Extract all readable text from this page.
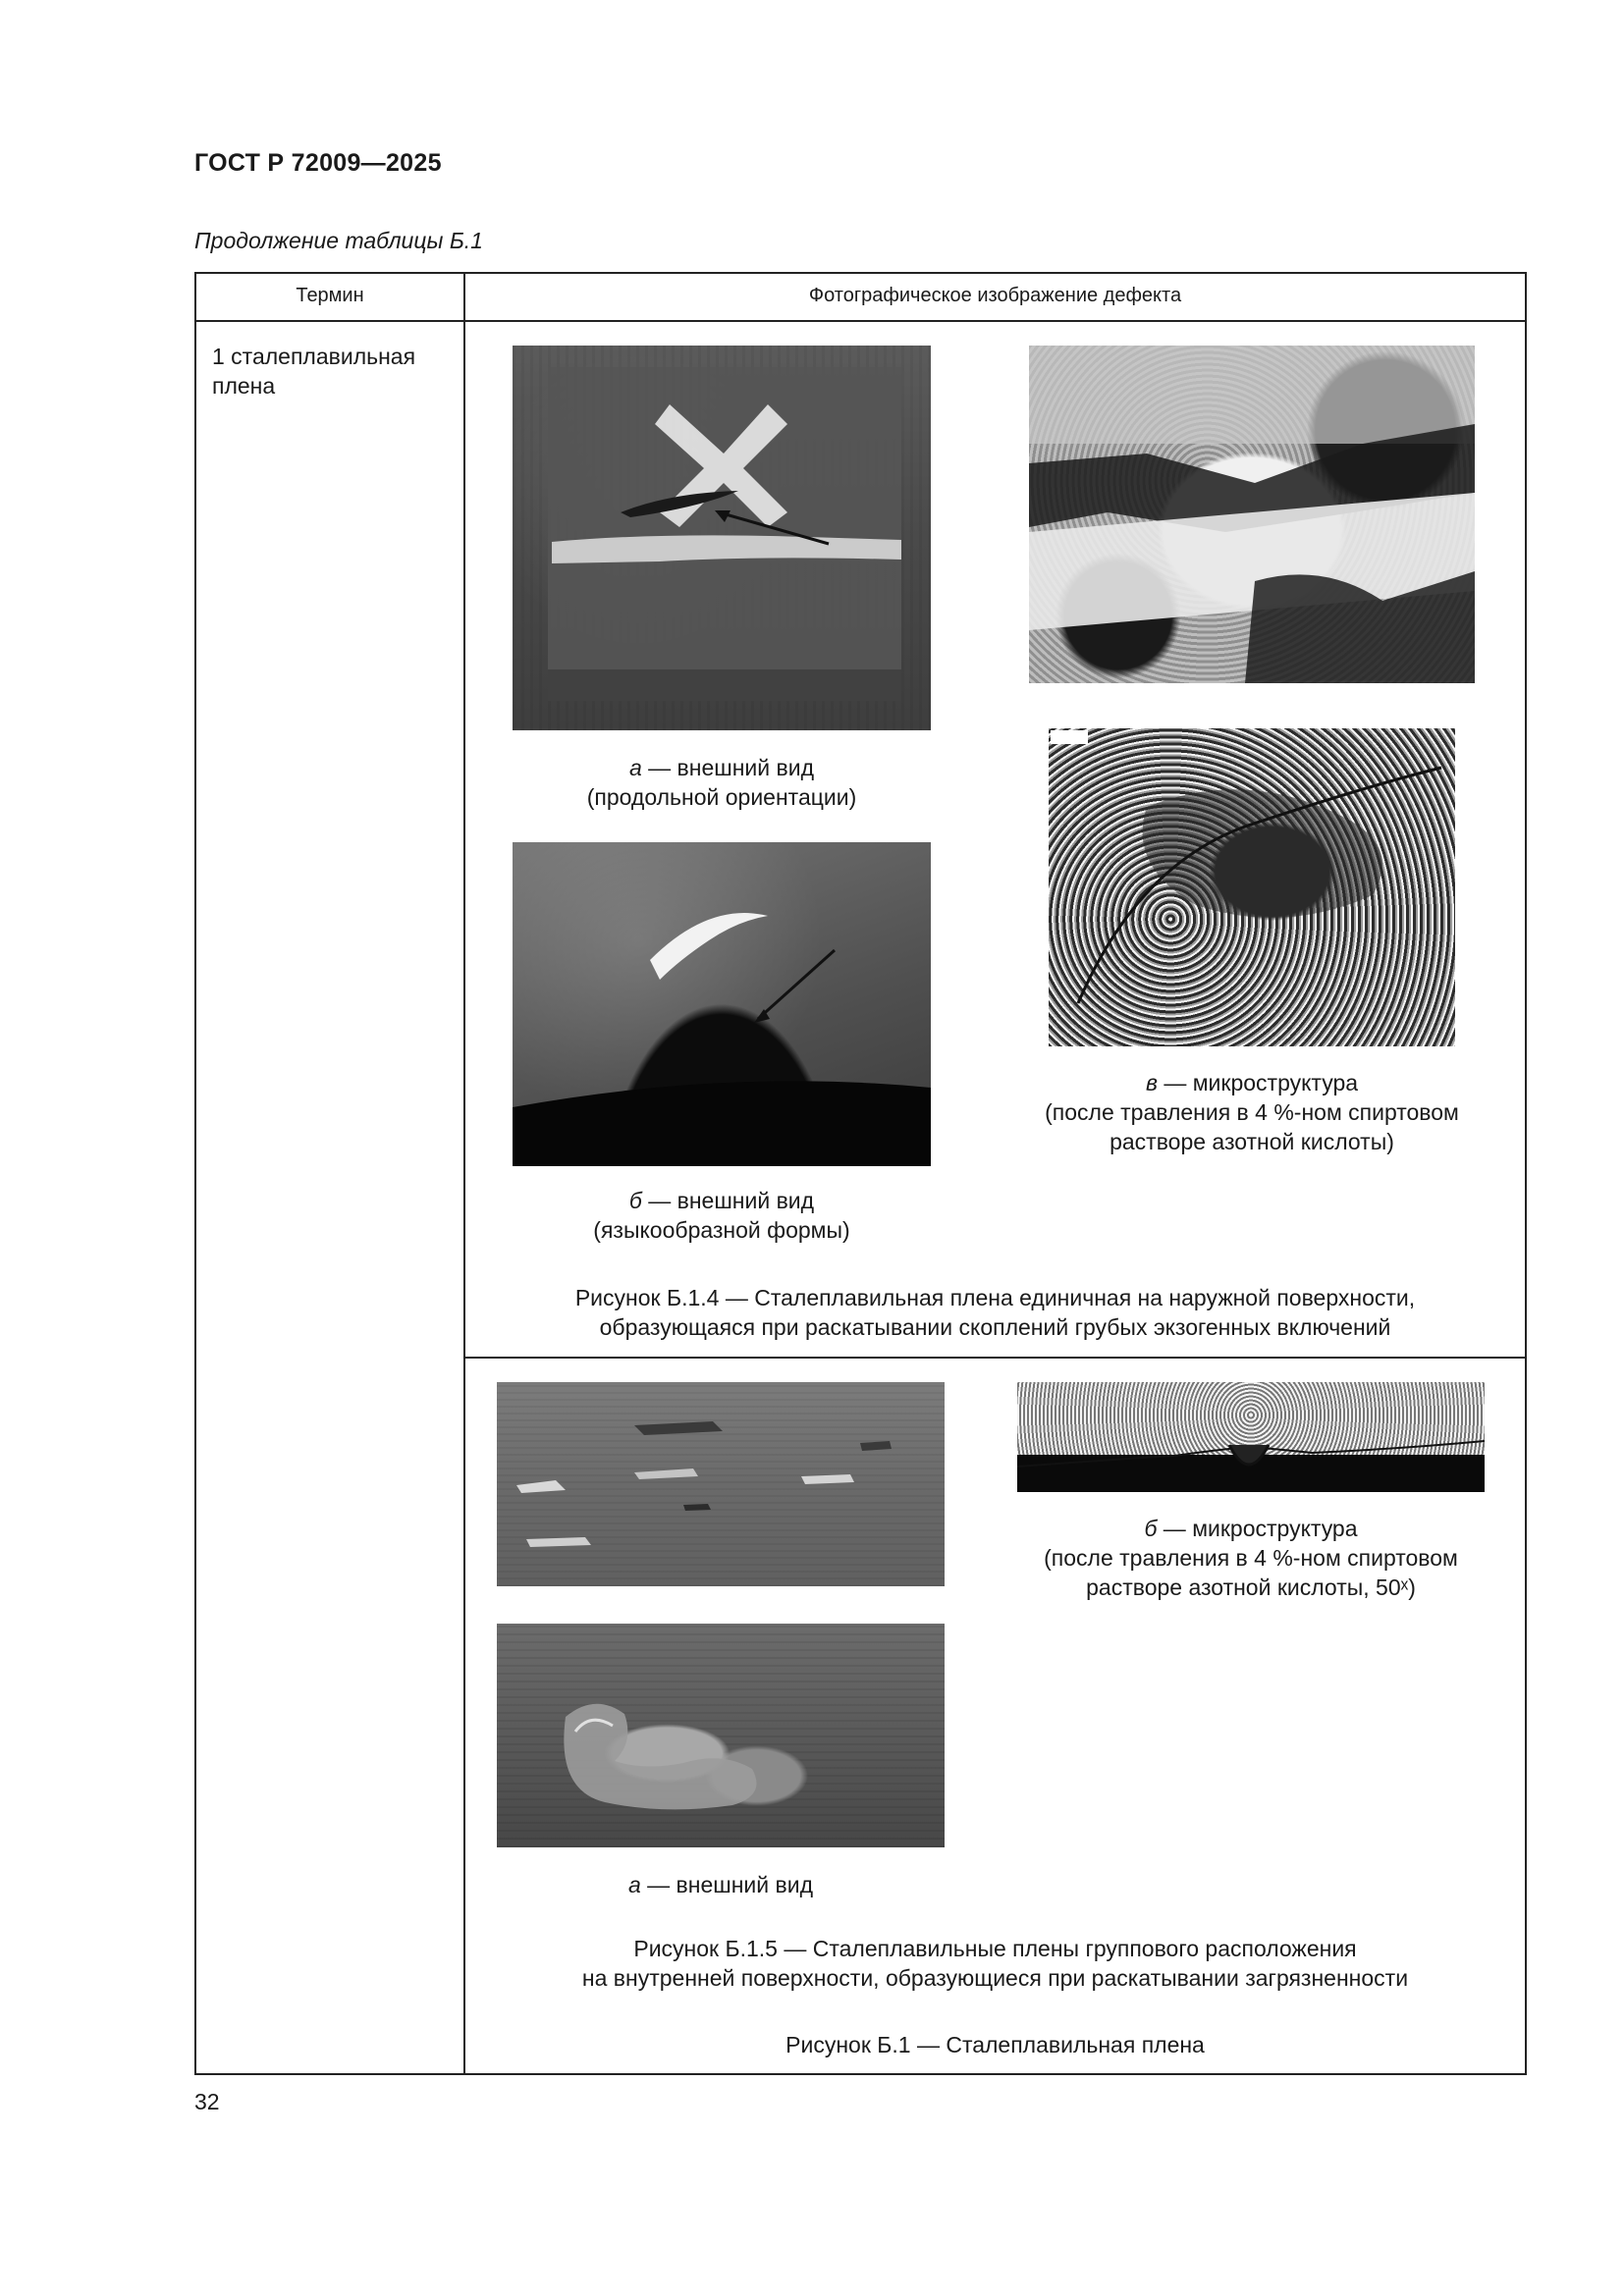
ГОСТ Р 72009—2025
Продолжение таблицы Б.1
Термин	Фотографическое изображение дефекта
1 сталеплавильная
плена
а — внешний вид
(продольной ориентации)
в — микроструктура
(после травления в 4 %-ном спиртовом
растворе азотной кислоты)
б — внешний вид
(языкообразной формы)
Рисунок Б.1.4 — Сталеплавильная плена единичная на наружной поверхности,
образующаяся при раскатывании скоплений грубых экзогенных включений
б — микроструктура
(после травления в 4 %-ном спиртовом
растворе азотной кислоты, 50ˣ)
а — внешний вид
Рисунок Б.1.5 — Сталеплавильные плены группового расположения
на внутренней поверхности, образующиеся при раскатывании загрязненности
Рисунок Б.1 — Сталеплавильная плена
32
